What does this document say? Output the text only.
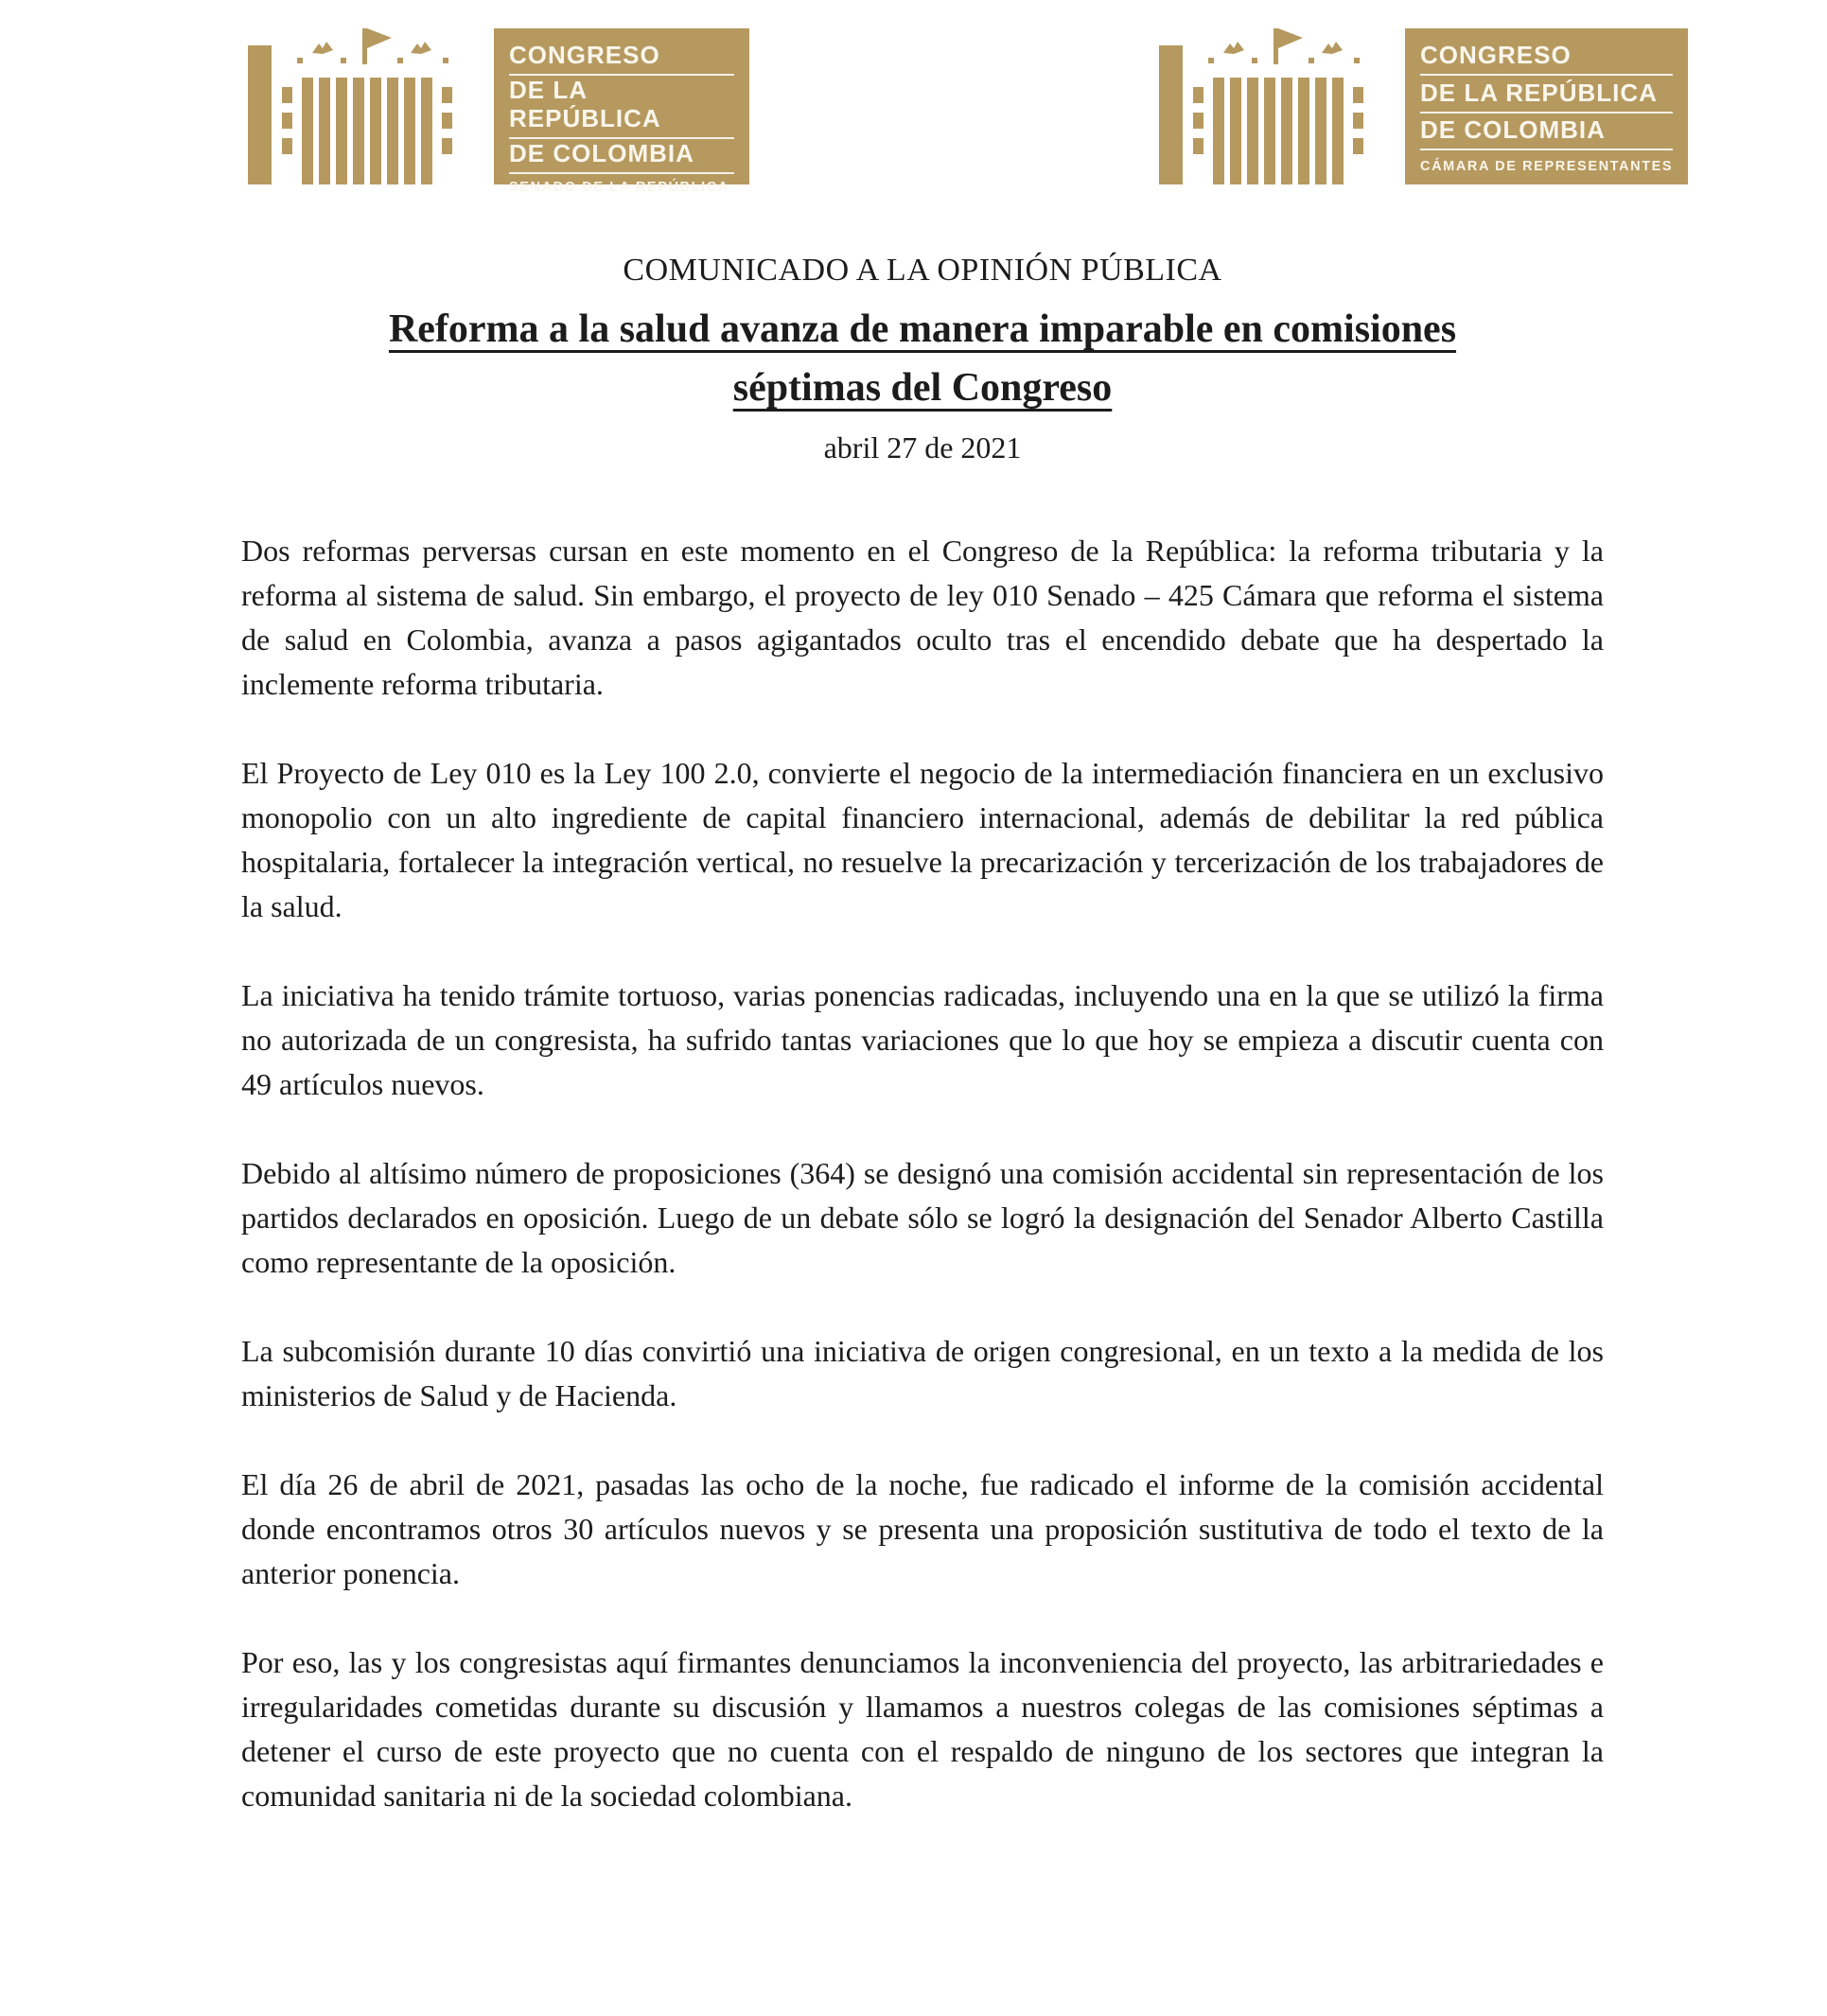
CONGRESO
DE LA REPÚBLICA
DE COLOMBIA
SENADO DE LA REPÚBLICA
CONGRESO
DE LA REPÚBLICA
DE COLOMBIA
CÁMARA DE REPRESENTANTES
COMUNICADO A LA OPINIÓN PÚBLICA
Reforma a la salud avanza de manera imparable en comisiones
séptimas del Congreso
abril 27 de 2021

Dos reformas perversas cursan en este momento en el Congreso de la República: la reforma tributaria y la reforma al sistema de salud. Sin embargo, el proyecto de ley 010 Senado – 425 Cámara que reforma el sistema de salud en Colombia, avanza a pasos agigantados oculto tras el encendido debate que ha despertado la inclemente reforma tributaria.

El Proyecto de Ley 010 es la Ley 100 2.0, convierte el negocio de la intermediación financiera en un exclusivo monopolio con un alto ingrediente de capital financiero internacional, además de debilitar la red pública hospitalaria, fortalecer la integración vertical, no resuelve la precarización y tercerización de los trabajadores de la salud.

La iniciativa ha tenido trámite tortuoso, varias ponencias radicadas, incluyendo una en la que se utilizó la firma no autorizada de un congresista, ha sufrido tantas variaciones que lo que hoy se empieza a discutir cuenta con 49 artículos nuevos.

Debido al altísimo número de proposiciones (364) se designó una comisión accidental sin representación de los partidos declarados en oposición. Luego de un debate sólo se logró la designación del Senador Alberto Castilla como representante de la oposición.

La subcomisión durante 10 días convirtió una iniciativa de origen congresional, en un texto a la medida de los ministerios de Salud y de Hacienda.

El día 26 de abril de 2021, pasadas las ocho de la noche, fue radicado el informe de la comisión accidental donde encontramos otros 30 artículos nuevos y se presenta una proposición sustitutiva de todo el texto de la anterior ponencia.

Por eso, las y los congresistas aquí firmantes denunciamos la inconveniencia del proyecto, las arbitrariedades e irregularidades cometidas durante su discusión y llamamos a nuestros colegas de las comisiones séptimas a detener el curso de este proyecto que no cuenta con el respaldo de ninguno de los sectores que integran la comunidad sanitaria ni de la sociedad colombiana.
